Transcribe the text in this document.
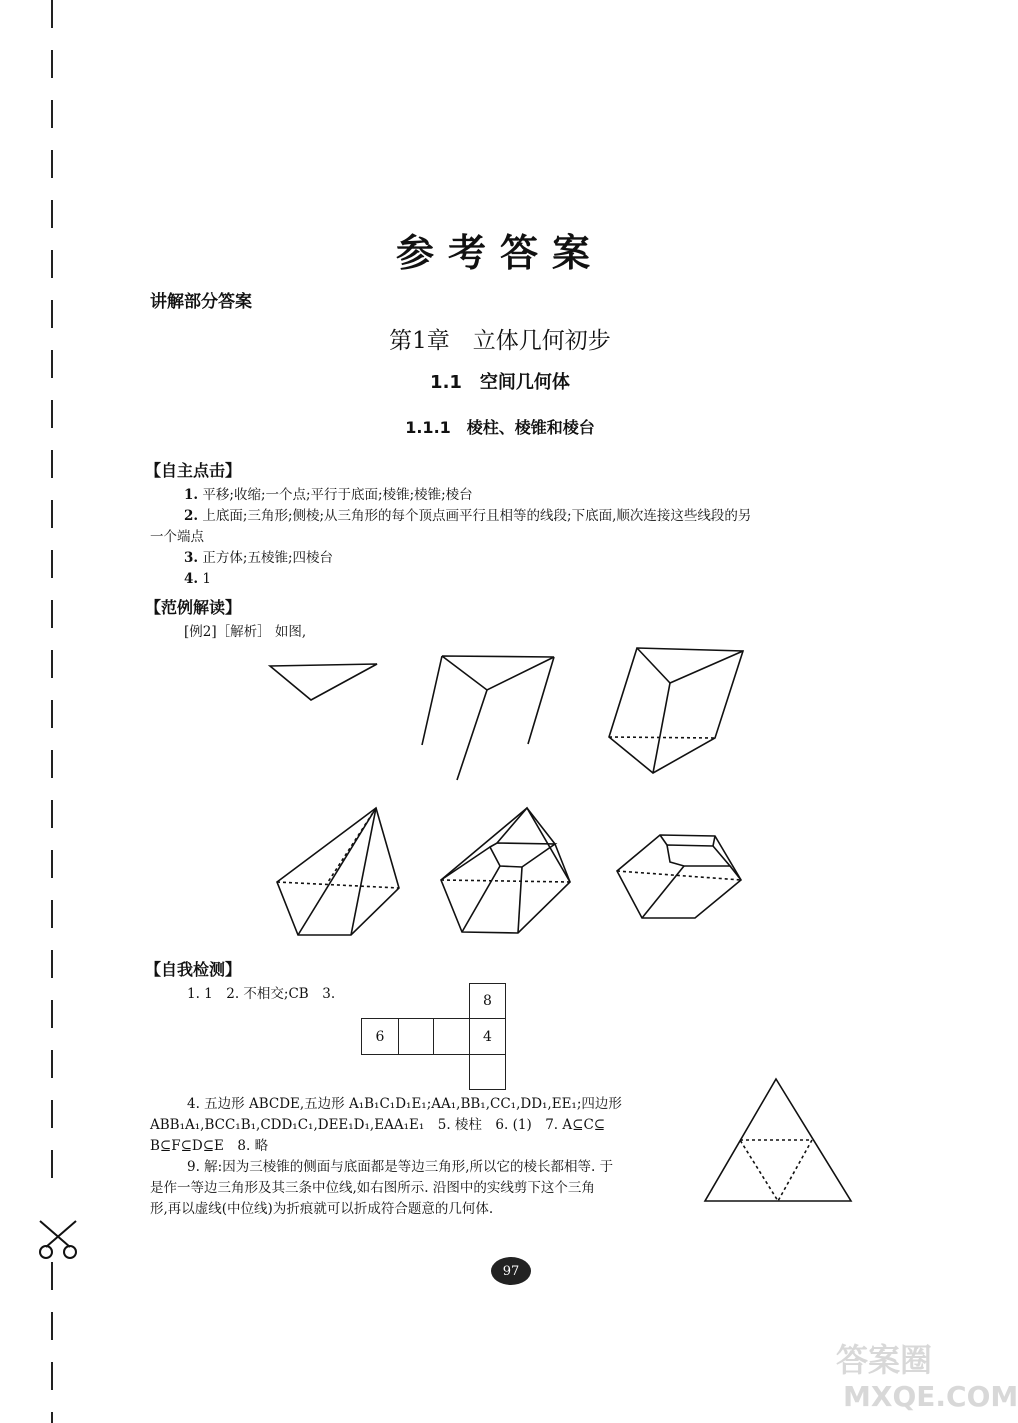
参考答案
讲解部分答案
第1章　立体几何初步
1.1　空间几何体
1.1.1　棱柱、棱锥和棱台
【自主点击】
1. 平移;收缩;一个点;平行于底面;棱锥;棱锥;棱台
2. 上底面;三角形;侧棱;从三角形的每个顶点画平行且相等的线段;下底面,顺次连接这些线段的另
一个端点
3. 正方体;五棱锥;四棱台
4. 1
【范例解读】
[例2]［解析］ 如图,
【自我检测】
1. 1　2. 不相交;CB　3.	8
6	4
4. 五边形 ABCDE,五边形 A₁B₁C₁D₁E₁;AA₁,BB₁,CC₁,DD₁,EE₁;四边形
ABB₁A₁,BCC₁B₁,CDD₁C₁,DEE₁D₁,EAA₁E₁　5. 棱柱　6. (1)　7. A⊆C⊆
B⊆F⊆D⊆E　8. 略
9. 解:因为三棱锥的侧面与底面都是等边三角形,所以它的棱长都相等. 于
是作一等边三角形及其三条中位线,如右图所示. 沿图中的实线剪下这个三角
形,再以虚线(中位线)为折痕就可以折成符合题意的几何体.
97
答案圈
MXQE.COM
